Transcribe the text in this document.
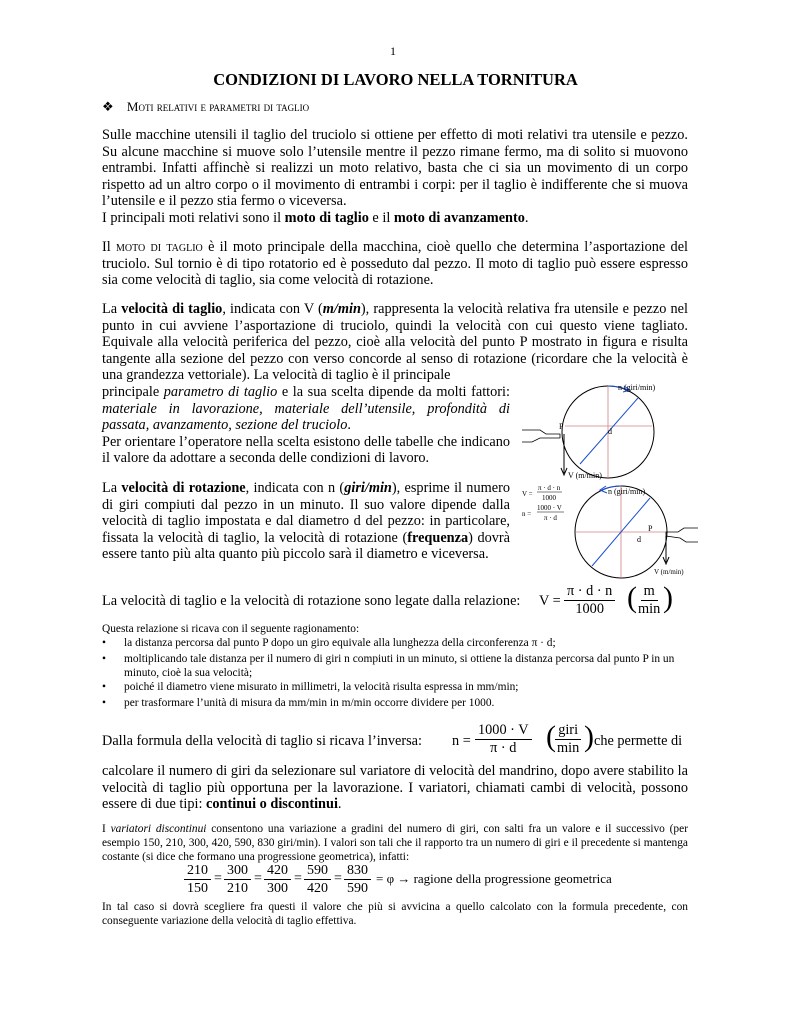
1
CONDIZIONI DI LAVORO NELLA TORNITURA
❖ Moti relativi e parametri di taglio
Sulle macchine utensili il taglio del truciolo si ottiene per effetto di moti relativi tra utensile e pezzo. Su alcune macchine si muove solo l’utensile mentre il pezzo rimane fermo, ma di solito si muovono entrambi. Infatti affinchè si realizzi un moto relativo, basta che ci sia un movimento di un corpo rispetto ad un altro corpo o il movimento di entrambi i corpi: per il taglio è indifferente che si muova l’utensile e il pezzo stia fermo o viceversa.
I principali moti relativi sono il moto di taglio e il moto di avanzamento.
Il moto di taglio è il moto principale della macchina, cioè quello che determina l’asportazione del truciolo. Sul tornio è di tipo rotatorio ed è posseduto dal pezzo. Il moto di taglio può essere espresso sia come velocità di taglio, sia come velocità di rotazione.
La velocità di taglio, indicata con V (m/min), rappresenta la velocità relativa fra utensile e pezzo nel punto in cui avviene l’asportazione di truciolo, quindi la velocità con cui questo viene tagliato. Equivale alla velocità periferica del pezzo, cioè alla velocità del punto P mostrato in figura e risulta tangente alla sezione del pezzo con verso concorde al senso di rotazione (ricordare che la velocità è una grandezza vettoriale). La velocità di taglio è il principale
principale parametro di taglio e la sua scelta dipende da molti fattori: materiale in lavorazione, materiale dell’utensile, profondità di passata, avanzamento, sezione del truciolo.
Per orientare l’operatore nella scelta esistono delle tabelle che indicano il valore da adottare a seconda delle condizioni di lavoro.
n (giri/min)
P
d
V (m/min)
La velocità di rotazione, indicata con n (giri/min), esprime il numero di giri compiuti dal pezzo in un minuto. Il suo valore dipende dalla velocità di taglio impostata e dal diametro d del pezzo: in particolare, fissata la velocità di taglio, la velocità di rotazione (frequenza) dovrà essere tanto più alta quanto più piccolo sarà il diametro e viceversa.
V =
π · d · n
1000
n =
1000 · V
π · d
n (giri/min)
P
d
V (m/min)
La velocità di taglio e la velocità di rotazione sono legate dalla relazione: $V = \frac{\pi \cdot d \cdot n}{1000}$ ( m
min )
Questa relazione si ricava con il seguente ragionamento:
• la distanza percorsa dal punto P dopo un giro equivale alla lunghezza della circonferenza π · d;
• moltiplicando tale distanza per il numero di giri n compiuti in un minuto, si ottiene la distanza percorsa dal punto P in un minuto, cioè la sua velocità;
• poiché il diametro viene misurato in millimetri, la velocità risulta espressa in mm/min;
• per trasformare l’unità di misura da mm/min in m/min occorre dividere per 1000.
Dalla formula della velocità di taglio si ricava l’inversa: $n = \frac{1000 \cdot V}{\pi \cdot d}$ ( giri
min ) che permette di
calcolare il numero di giri da selezionare sul variatore di velocità del mandrino, dopo avere stabilito la velocità di taglio più opportuna per la lavorazione. I variatori, chiamati cambi di velocità, possono essere di due tipi: continui o discontinui.
I variatori discontinui consentono una variazione a gradini del numero di giri, con salti fra un valore e il successivo (per esempio 150, 210, 300, 420, 590, 830 giri/min). I valori son tali che il rapporto tra un numero di giri e il precedente si mantenga costante (si dice che formano una progressione geometrica), infatti:
$\frac{210}{150} = \frac{300}{210} = \frac{420}{300} = \frac{590}{420} = \frac{830}{590} = \varphi$ → ragione della progressione geometrica
In tal caso si dovrà scegliere fra questi il valore che più si avvicina a quello calcolato con la formula precedente, con conseguente variazione della velocità di taglio effettiva.
